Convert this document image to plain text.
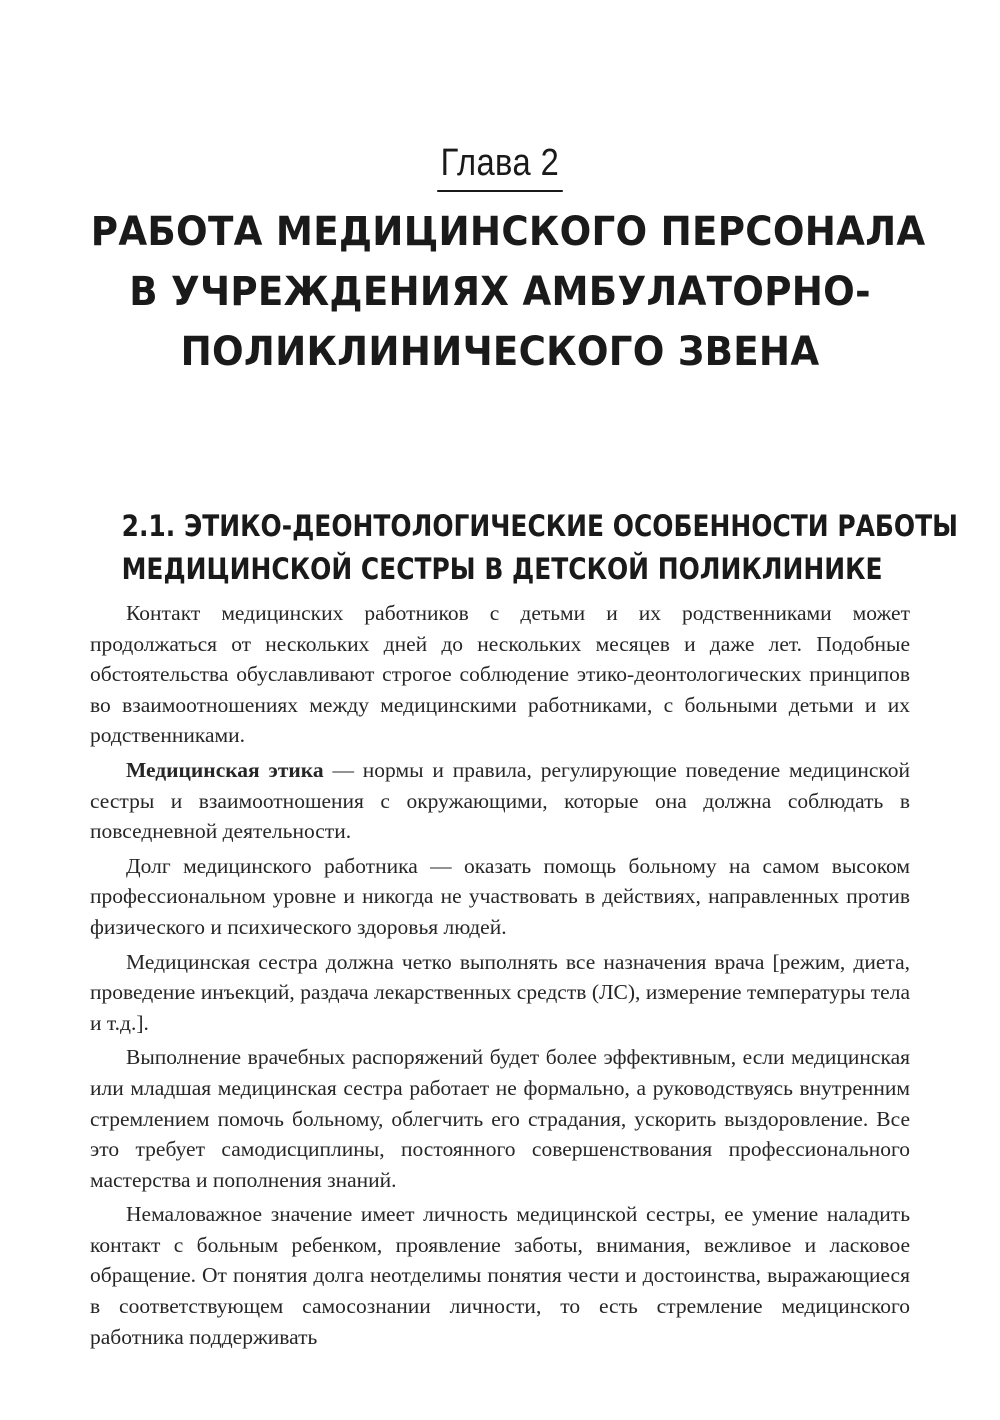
Глава 2
РАБОТА МЕДИЦИНСКОГО ПЕРСОНАЛА
В УЧРЕЖДЕНИЯХ АМБУЛАТОРНО-
ПОЛИКЛИНИЧЕСКОГО ЗВЕНА
2.1. ЭТИКО-ДЕОНТОЛОГИЧЕСКИЕ ОСОБЕННОСТИ РАБОТЫ
МЕДИЦИНСКОЙ СЕСТРЫ В ДЕТСКОЙ ПОЛИКЛИНИКЕ

Контакт медицинских работников с детьми и их родственниками может продолжаться от нескольких дней до нескольких месяцев и даже лет. Подобные обстоятельства обуславливают строгое соблюдение этико-деонтологических принципов во взаимоотношениях между медицинскими работниками, с больными детьми и их родственниками.

Медицинская этика — нормы и правила, регулирующие поведение медицинской сестры и взаимоотношения с окружающими, которые она должна соблюдать в повседневной деятельности.

Долг медицинского работника — оказать помощь больному на самом высоком профессиональном уровне и никогда не участвовать в действиях, направленных против физического и психического здоровья людей.

Медицинская сестра должна четко выполнять все назначения врача [режим, диета, проведение инъекций, раздача лекарственных средств (ЛС), измерение температуры тела и т.д.].

Выполнение врачебных распоряжений будет более эффективным, если медицинская или младшая медицинская сестра работает не формально, а руководствуясь внутренним стремлением помочь больному, облегчить его страдания, ускорить выздоровление. Все это требует самодисциплины, постоянного совершенствования профессионального мастерства и пополнения знаний.

Немаловажное значение имеет личность медицинской сестры, ее умение наладить контакт с больным ребенком, проявление заботы, внимания, вежливое и ласковое обращение. От понятия долга неотделимы понятия чести и достоинства, выражающиеся в соответствующем самосознании личности, то есть стремление медицинского работника поддерживать
